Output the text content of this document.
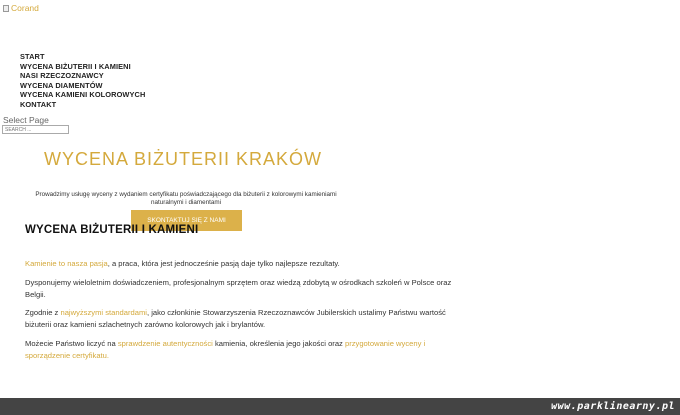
Corand
START
WYCENA BIŻUTERII I KAMIENI
NASI RZECZOZNAWCY
WYCENA DIAMENTÓW
WYCENA KAMIENI KOLOROWYCH
KONTAKT
Select Page
SEARCH ...
WYCENA BIŻUTERII KRAKÓW
Prowadzimy usługę wyceny z wydaniem certyfikatu poświadczającego dla biżuterii z kolorowymi kamieniami naturalnymi i diamentami
SKONTAKTUJ SIĘ Z NAMI
WYCENA BIŻUTERII I KAMIENI

Kamienie to nasza pasja, a praca, która jest jednocześnie pasją daje tylko najlepsze rezultaty.

Dysponujemy wieloletnim doświadczeniem, profesjonalnym sprzętem oraz wiedzą zdobytą w ośrodkach szkoleń w Polsce oraz Belgii.

Zgodnie z najwyższymi standardami, jako członkinie Stowarzyszenia Rzeczoznawców Jubilerskich ustalimy Państwu wartość biżuterii oraz kamieni szlachetnych zarówno kolorowych jak i brylantów.

Możecie Państwo liczyć na sprawdzenie autentyczności kamienia, określenia jego jakości oraz przygotowanie wyceny i sporządzenie certyfikatu.

www.parklinearny.pl
